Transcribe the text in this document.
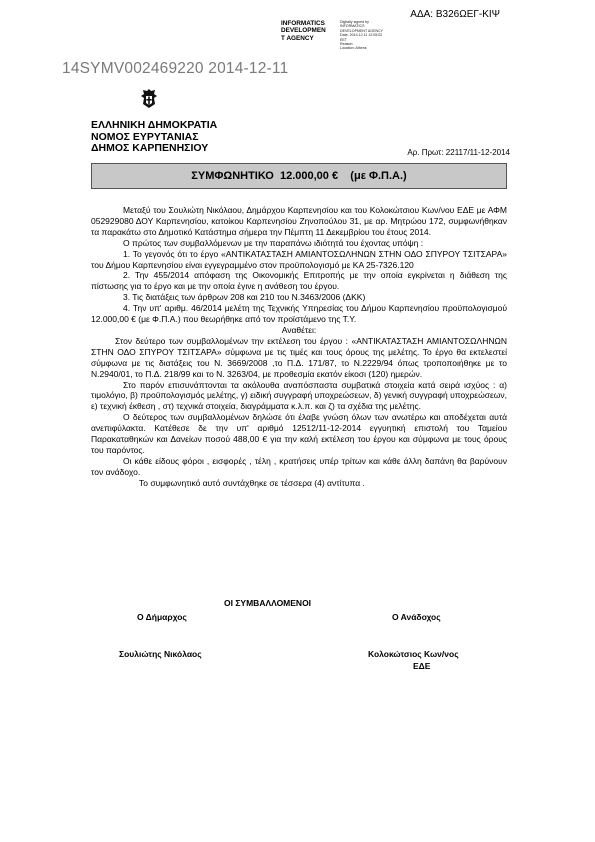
ΑΔΑ: Β326ΩΕΓ-ΚΙΨ
INFORMATICS
DEVELOPMEN
T AGENCY
Digitally signed by
INFORMATICS
DEVELOPMENT AGENCY
Date: 2014.12.11 12:05:02
EET
Reason:
Location: Athens
14SYMV002469220 2014-12-11
ΕΛΛΗΝΙΚΗ ΔΗΜΟΚΡΑΤΙΑ
ΝΟΜΟΣ ΕΥΡΥΤΑΝΙΑΣ
ΔΗΜΟΣ ΚΑΡΠΕΝΗΣΙΟΥ	Αρ. Πρωτ: 22117/11-12-2014
ΣΥΜΦΩΝΗΤΙΚΟ  12.000,00 €    (με Φ.Π.Α.)

Μεταξύ του Σουλιώτη Νικόλαου, Δημάρχου Καρπενησίου και του Κολοκώτσιου Κων/νου ΕΔΕ με ΑΦΜ 052929080 ΔΟΥ Καρπενησίου, κατοίκου Καρπενησίου Ζηνοπούλου 31, με αρ. Μητρώου 172, συμφωνήθηκαν τα παρακάτω στο Δημοτικό Κατάστημα σήμερα την Πέμπτη 11 Δεκεμβρίου του έτους 2014.

Ο πρώτος των συμβαλλόμενων με την παραπάνω ιδιότητά του έχοντας υπόψη :

1. Το γεγονός ότι το έργο «ΑΝΤΙΚΑΤΑΣΤΑΣΗ ΑΜΙΑΝΤΟΣΩΛΗΝΩΝ ΣΤΗΝ ΟΔΟ ΣΠΥΡΟΥ ΤΣΙΤΣΑΡΑ» του Δήμου Καρπενησίου είναι εγγεγραμμένο στον προϋπολογισμό με ΚΑ 25-7326.120

2. Την 455/2014 απόφαση της Οικονομικής Επιτροπής με την οποία εγκρίνεται η διάθεση της πίστωσης για το έργο και με την οποία έγινε η ανάθεση του έργου.

3. Τις διατάξεις των άρθρων 208 και 210 του Ν.3463/2006 (ΔΚΚ)

4. Την υπ' αριθμ. 46/2014 μελέτη της Τεχνικής Υπηρεσίας του Δήμου Καρπενησίου προϋπολογισμού 12.000,00 € (με Φ.Π.Α.) που θεωρήθηκε από τον προϊστάμενο της Τ.Υ.

Αναθέτει:

Στον δεύτερο των συμβαλλομένων την εκτέλεση του έργου : «ΑΝΤΙΚΑΤΑΣΤΑΣΗ ΑΜΙΑΝΤΟΣΩΛΗΝΩΝ ΣΤΗΝ ΟΔΟ ΣΠΥΡΟΥ ΤΣΙΤΣΑΡΑ» σύμφωνα με τις τιμές και τους όρους της μελέτης. Το έργο θα εκτελεστεί σύμφωνα με τις διατάξεις του Ν. 3669/2008 ,το Π.Δ. 171/87, το Ν.2229/94 όπως τροποποιήθηκε με το Ν.2940/01, το Π.Δ. 218/99 και το Ν. 3263/04, με προθεσμία εκατόν είκοσι (120) ημερών.

Στο παρόν επισυνάπτονται τα ακόλουθα αναπόσπαστα συμβατικά στοιχεία κατά σειρά ισχύος : α) τιμολόγιο, β) προϋπολογισμός μελέτης, γ) ειδική συγγραφή υποχρεώσεων, δ) γενική συγγραφή υποχρεώσεων, ε) τεχνική έκθεση , στ) τεχνικά στοιχεία, διαγράμματα κ.λ.π. και ζ) τα σχέδια της μελέτης.

Ο δεύτερος των συμβαλλομένων δηλώσε ότι έλαβε γνώση όλων των ανωτέρω και αποδέχεται αυτά ανεπιφύλακτα. Κατέθεσε δε την υπ' αριθμό 12512/11-12-2014 εγγυητική επιστολή του Ταμείου Παρακαταθηκών και Δανείων ποσού 488,00 € για την καλή εκτέλεση του έργου και σύμφωνα με τους όρους του παρόντος.

Οι κάθε είδους φόροι , εισφορές , τέλη , κρατήσεις υπέρ τρίτων και κάθε άλλη δαπάνη θα βαρύνουν τον ανάδοχο.

Το συμφωνητικό αυτό συντάχθηκε σε τέσσερα (4) αντίτυπα .

ΟΙ ΣΥΜΒΑΛΛΟΜΕΝΟΙ
Ο Δήμαρχος	Ο Ανάδοχος
Σουλιώτης Νικόλαος	Κολοκώτσιος Κων/νος
ΕΔΕ
